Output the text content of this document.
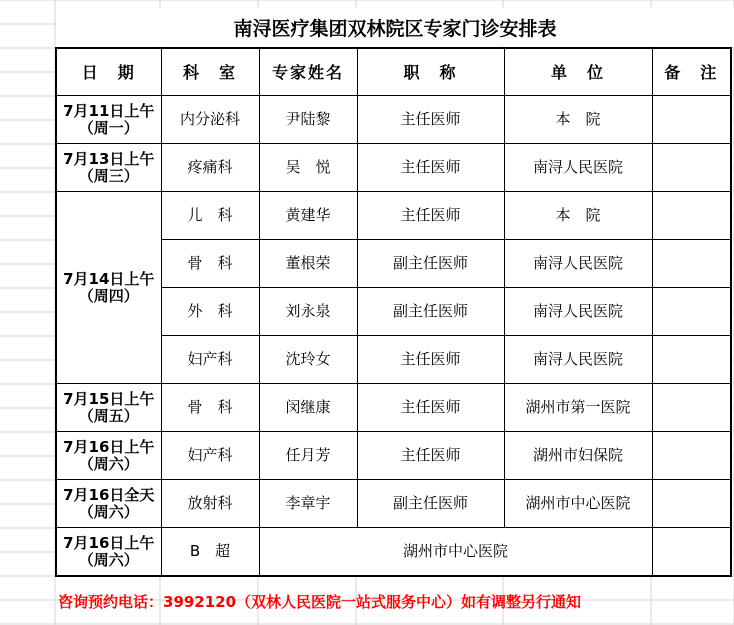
南浔医疗集团双林院区专家门诊安排表
日　期	科　室	专家姓名	职　称	单　位	备　注

7月11日上午
（周一）	内分泌科	尹陆黎	主任医师	本　院	

7月13日上午
（周三）	疼痛科	吴　悦	主任医师	南浔人民医院	

7月14日上午
（周四）	儿　科	黄建华	主任医师	本　院	
	骨　科	董根荣	副主任医师	南浔人民医院	
	外　科	刘永泉	副主任医师	南浔人民医院	
	妇产科	沈玲女	主任医师	南浔人民医院	

7月15日上午
（周五）	骨　科	闵继康	主任医师	湖州市第一医院	

7月16日上午
（周六）	妇产科	任月芳	主任医师	湖州市妇保院	

7月16日全天
（周六）	放射科	李章宇	副主任医师	湖州市中心医院	

7月16日上午
（周六）	B　超	湖州市中心医院			
咨询预约电话：3992120（双林人民医院一站式服务中心）如有调整另行通知
